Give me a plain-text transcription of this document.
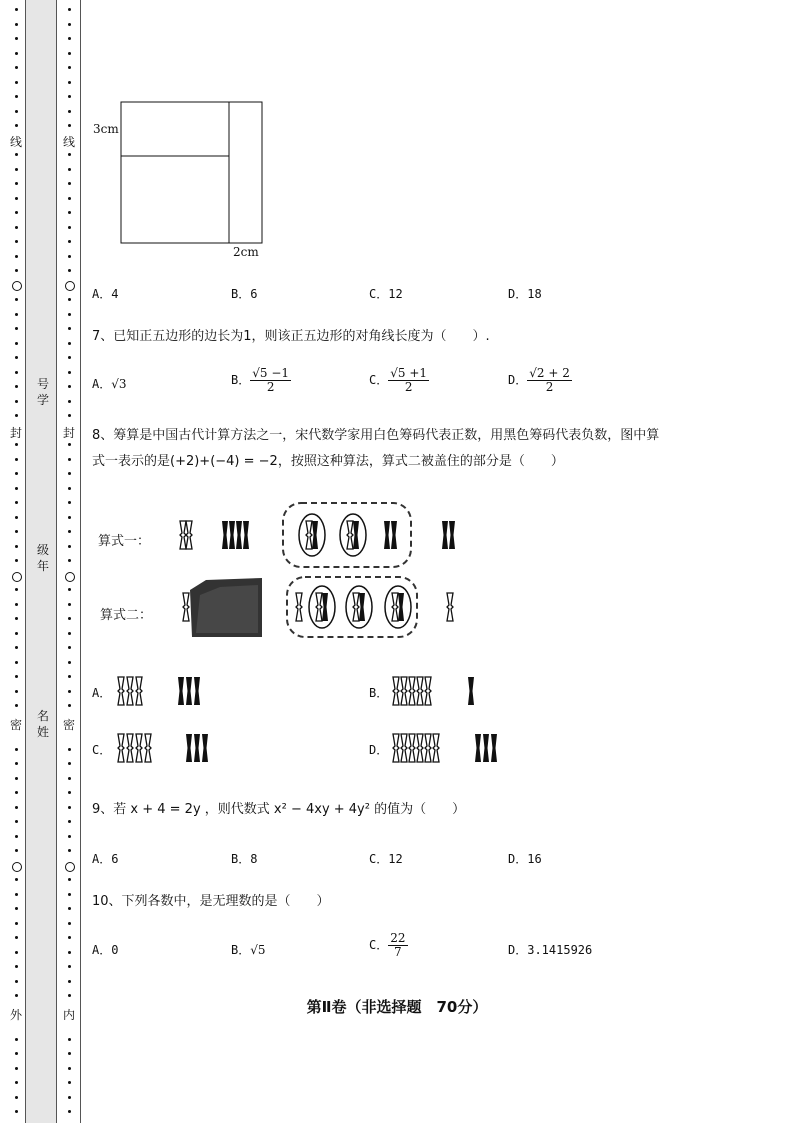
线
封
密
外
线
封
密
内
号学
级年
名姓
3cm
2cm
A．4	B．6	C．12	D．18
7、已知正五边形的边长为1，则该正五边形的对角线长度为（　　）.
A．√3	B． $\frac{√5 -1}{2}$	C． $\frac{√5 +1}{2}$	D． $\frac{√2 + 2}{2}$
8、筹算是中国古代计算方法之一，宋代数学家用白色筹码代表正数，用黑色筹码代表负数，图中算
式一表示的是(+2)+(−4) = −2，按照这种算法，算式二被盖住的部分是（　　）
算式一：
算式二：
A．	B．
C．	D．
9、若 x + 4 = 2y ，则代数式 x² − 4xy + 4y² 的值为（　　）
A．6	B．8	C．12	D．16
10、下列各数中，是无理数的是（　　）
A．0	B．√5	C． $\frac{22}{7}$	D．3.1415926
第Ⅱ卷（非选择题　70分）
